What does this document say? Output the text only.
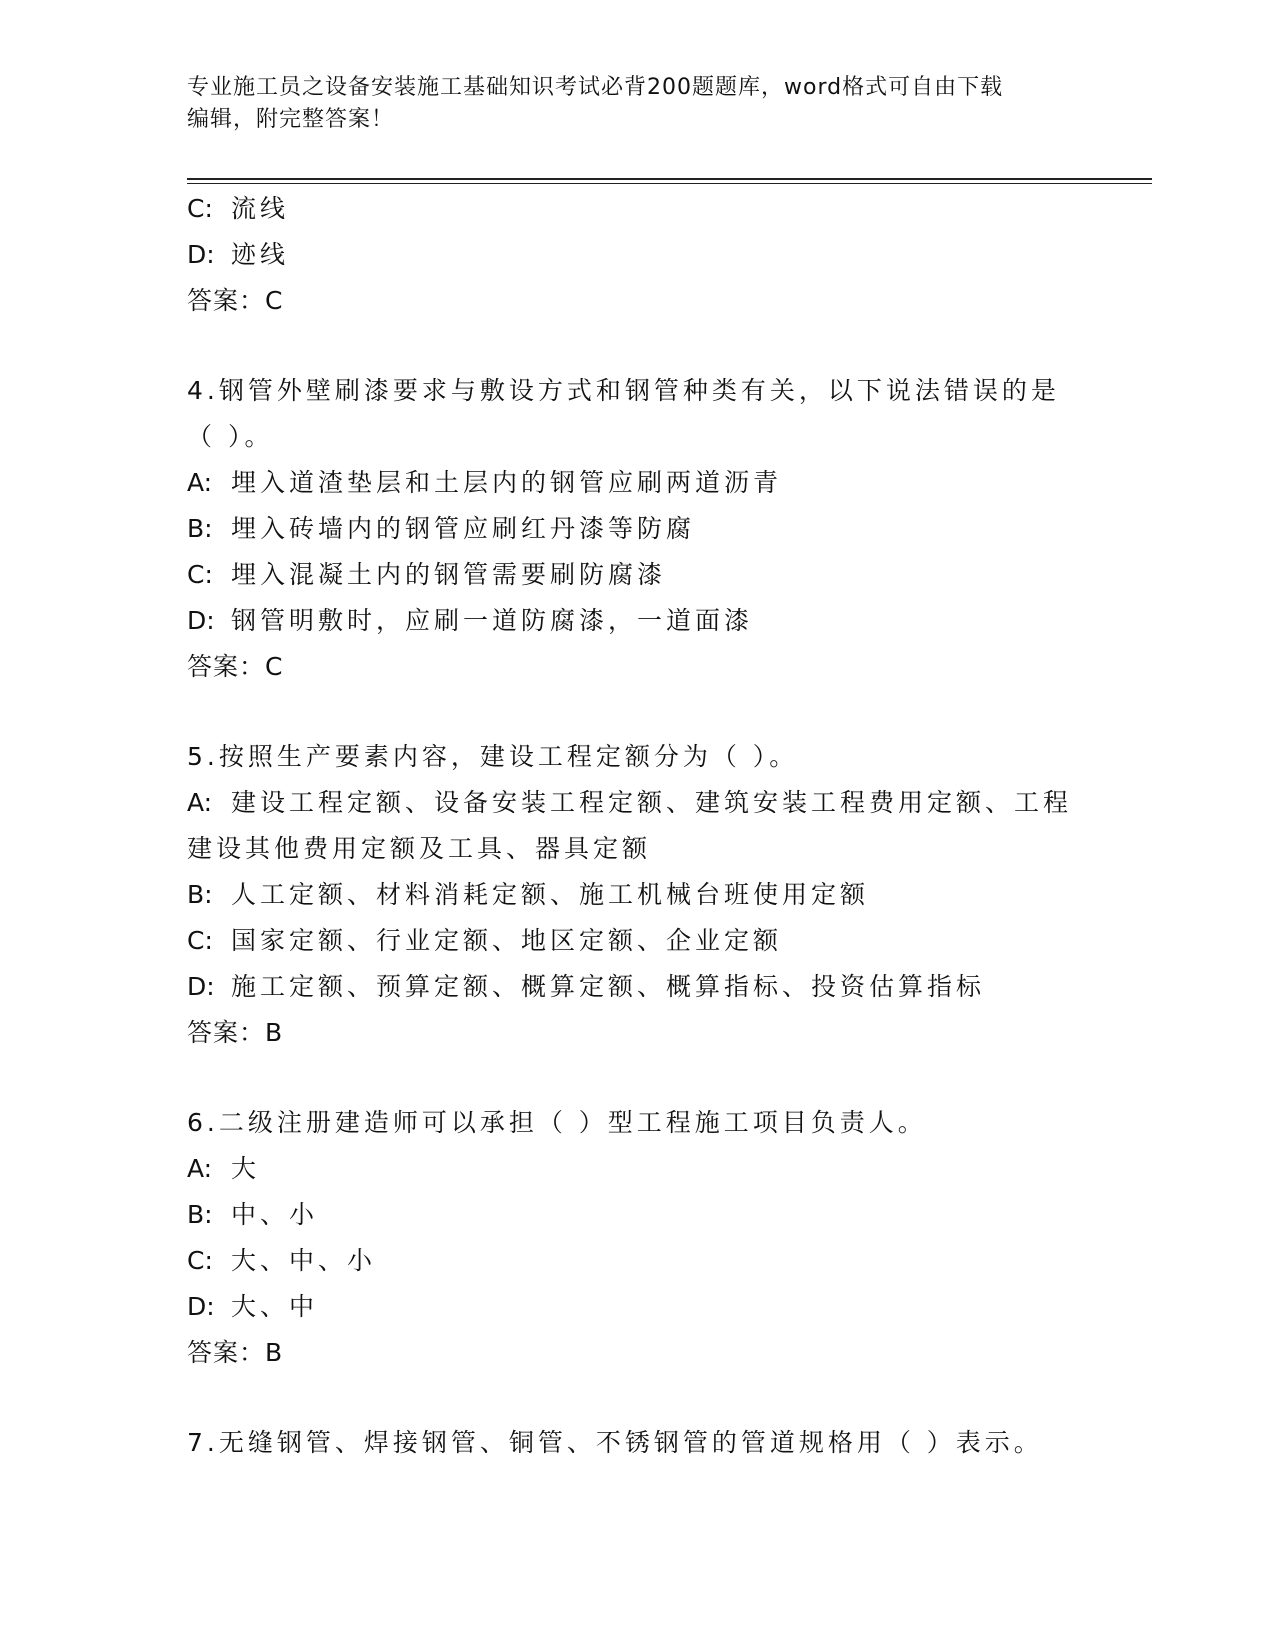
专业施工员之设备安装施工基础知识考试必背200题题库，word格式可自由下载
编辑，附完整答案！
C: 流线
D: 迹线
答案：C
4.钢管外壁刷漆要求与敷设方式和钢管种类有关，以下说法错误的是
（ ）。
A: 埋入道渣垫层和土层内的钢管应刷两道沥青
B: 埋入砖墙内的钢管应刷红丹漆等防腐
C: 埋入混凝土内的钢管需要刷防腐漆
D: 钢管明敷时，应刷一道防腐漆，一道面漆
答案：C
5.按照生产要素内容，建设工程定额分为（ ）。
A: 建设工程定额、设备安装工程定额、建筑安装工程费用定额、工程
建设其他费用定额及工具、器具定额
B: 人工定额、材料消耗定额、施工机械台班使用定额
C: 国家定额、行业定额、地区定额、企业定额
D: 施工定额、预算定额、概算定额、概算指标、投资估算指标
答案：B
6.二级注册建造师可以承担（ ）型工程施工项目负责人。
A: 大
B: 中、小
C: 大、中、小
D: 大、中
答案：B
7.无缝钢管、焊接钢管、铜管、不锈钢管的管道规格用（ ）表示。
